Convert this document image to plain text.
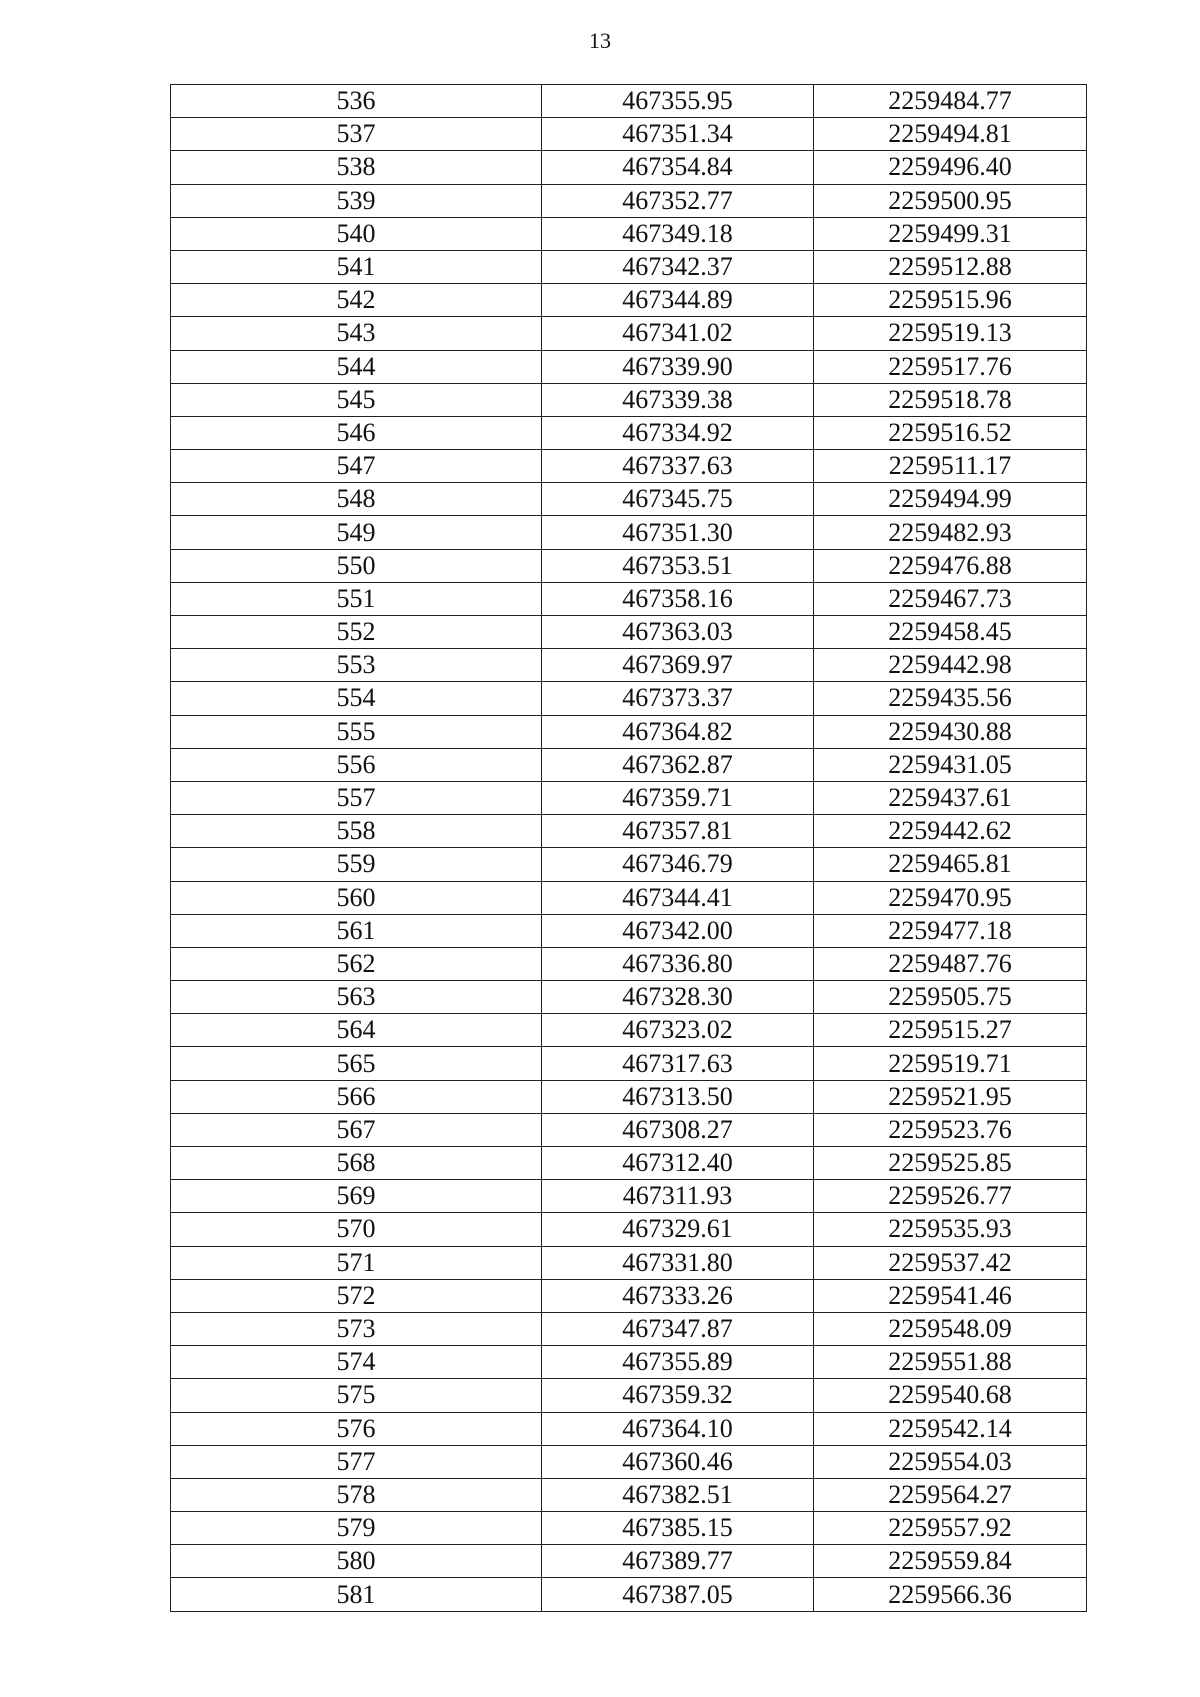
13
536	467355.95	2259484.77
537	467351.34	2259494.81
538	467354.84	2259496.40
539	467352.77	2259500.95
540	467349.18	2259499.31
541	467342.37	2259512.88
542	467344.89	2259515.96
543	467341.02	2259519.13
544	467339.90	2259517.76
545	467339.38	2259518.78
546	467334.92	2259516.52
547	467337.63	2259511.17
548	467345.75	2259494.99
549	467351.30	2259482.93
550	467353.51	2259476.88
551	467358.16	2259467.73
552	467363.03	2259458.45
553	467369.97	2259442.98
554	467373.37	2259435.56
555	467364.82	2259430.88
556	467362.87	2259431.05
557	467359.71	2259437.61
558	467357.81	2259442.62
559	467346.79	2259465.81
560	467344.41	2259470.95
561	467342.00	2259477.18
562	467336.80	2259487.76
563	467328.30	2259505.75
564	467323.02	2259515.27
565	467317.63	2259519.71
566	467313.50	2259521.95
567	467308.27	2259523.76
568	467312.40	2259525.85
569	467311.93	2259526.77
570	467329.61	2259535.93
571	467331.80	2259537.42
572	467333.26	2259541.46
573	467347.87	2259548.09
574	467355.89	2259551.88
575	467359.32	2259540.68
576	467364.10	2259542.14
577	467360.46	2259554.03
578	467382.51	2259564.27
579	467385.15	2259557.92
580	467389.77	2259559.84
581	467387.05	2259566.36
